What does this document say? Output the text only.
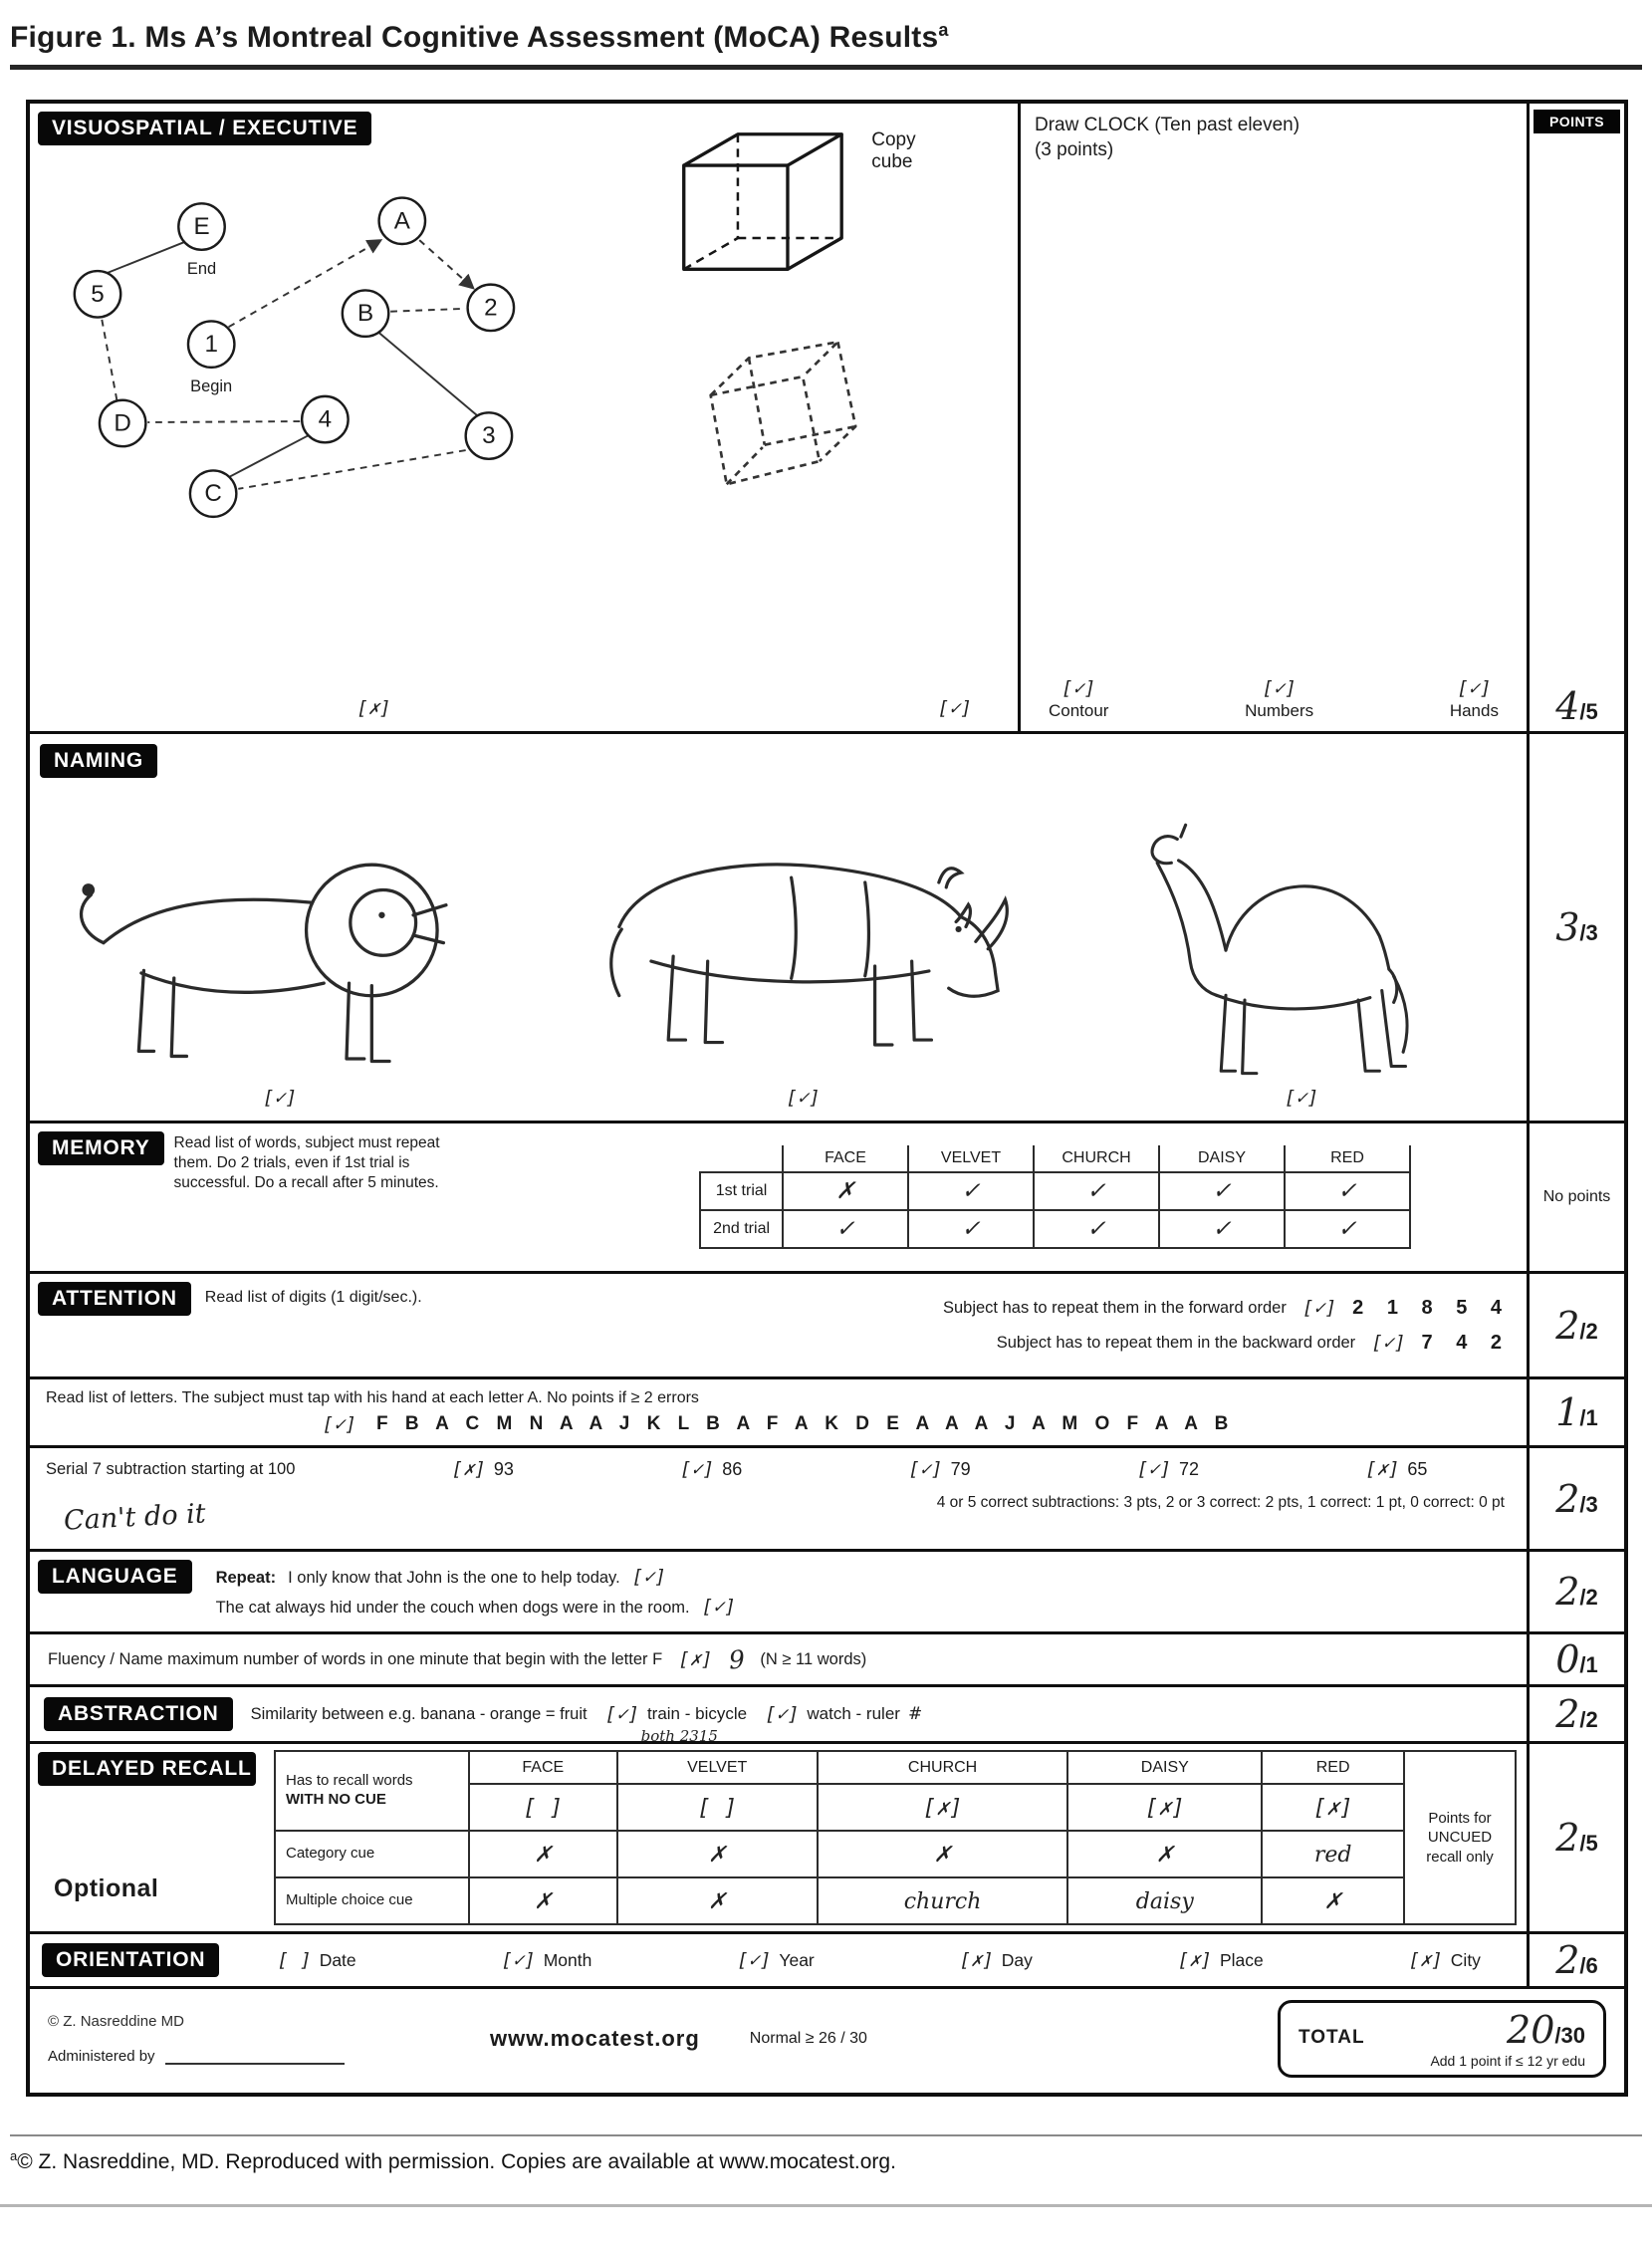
Figure 1. Ms A’s Montreal Cognitive Assessment (MoCA) Results$^a$
VISUOSPATIAL / EXECUTIVE
1
A
2
B
3
C
4
D
5
E
End
Begin
[✗]
Copy cube
[✓]
Draw CLOCK (Ten past eleven)
(3 points)
[✓]
Contour
[✓]
Numbers
[✓]
Hands
POINTS
4 /5
NAMING
[✓]	[✓]	[✓]
3 /3
MEMORY	Read list of words, subject must repeat them. Do 2 trials, even if 1st trial is successful. Do a recall after 5 minutes.
	FACE	VELVET	CHURCH	DAISY	RED
1st trial	✗	✓	✓	✓	✓
2nd trial	✓	✓	✓	✓	✓
No points
ATTENTION	Read list of digits (1 digit/sec.).
Subject has to repeat them in the forward order [✓] 2 1 8 5 4
Subject has to repeat them in the backward order [✓] 7 4 2 2 /2
Read list of letters. The subject must tap with his hand at each letter A. No points if ≥ 2 errors
[✓] F B A C M N A A J K L B A F A K D E A A A J A M O F A A B	1 /1
Serial 7 subtraction starting at 100	[✗] 93	[✓] 86	[✓] 79	[✓] 72	[✗] 65
4 or 5 correct subtractions: 3 pts, 2 or 3 correct: 2 pts, 1 correct: 1 pt, 0 correct: 0 pt
Can't do it	2 /3
LANGUAGE	Repeat: I only know that John is the one to help today. [✓]
The cat always hid under the couch when dogs were in the room. [✓]	2 /2
Fluency / Name maximum number of words in one minute that begin with the letter F [✗] 9 (N ≥ 11 words)	0 /1
ABSTRACTION	Similarity between e.g. banana - orange = fruit [✓] train - bicycle
both 2315
[✓] watch - ruler #	2 /2
DELAYED RECALL
Optional
Has to recall words
WITH NO CUE	FACE	VELVET	CHURCH	DAISY	RED	Points for UNCUED recall only
	[ ]	[ ]	[✗]	[✗]	[✗]	
Category cue	✗	✗	✗	✗	red	
Multiple choice cue	✗	✗	church	daisy	✗	
2 /5
ORIENTATION	[ ] Date	[✓] Month	[✓] Year	[✗] Day	[✗] Place	[✗] City 2 /6
© Z. Nasreddine MD
Administered by
www.mocatest.org	Normal ≥ 26 / 30	TOTAL	20 /30
Add 1 point if ≤ 12 yr edu

$^a$© Z. Nasreddine, MD. Reproduced with permission. Copies are available at www.mocatest.org.
